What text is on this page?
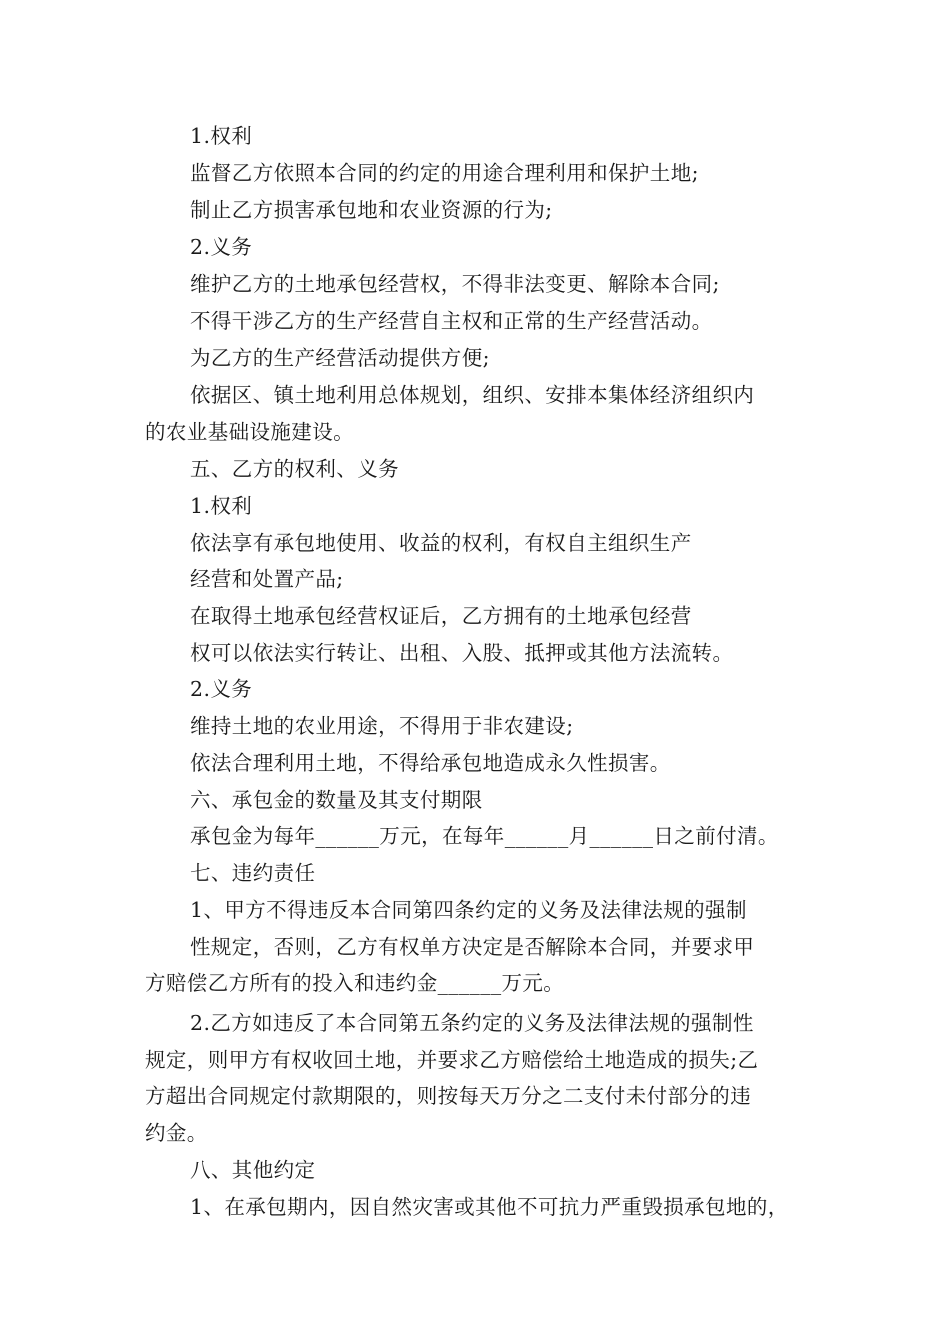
1.权利
监督乙方依照本合同的约定的用途合理利用和保护土地;
制止乙方损害承包地和农业资源的行为;
2.义务
维护乙方的土地承包经营权，不得非法变更、解除本合同;
不得干涉乙方的生产经营自主权和正常的生产经营活动。
为乙方的生产经营活动提供方便;
依据区、镇土地利用总体规划，组织、安排本集体经济组织内
的农业基础设施建设。
五、乙方的权利、义务
1.权利
依法享有承包地使用、收益的权利，有权自主组织生产
经营和处置产品;
在取得土地承包经营权证后，乙方拥有的土地承包经营
权可以依法实行转让、出租、入股、抵押或其他方法流转。
2.义务
维持土地的农业用途，不得用于非农建设;
依法合理利用土地，不得给承包地造成永久性损害。
六、承包金的数量及其支付期限
承包金为每年______万元，在每年______月______日之前付清。
七、违约责任
1、甲方不得违反本合同第四条约定的义务及法律法规的强制
性规定，否则，乙方有权单方决定是否解除本合同，并要求甲
方赔偿乙方所有的投入和违约金______万元。
2.乙方如违反了本合同第五条约定的义务及法律法规的强制性
规定，则甲方有权收回土地，并要求乙方赔偿给土地造成的损失;乙
方超出合同规定付款期限的，则按每天万分之二支付未付部分的违
约金。
八、其他约定
1、在承包期内，因自然灾害或其他不可抗力严重毁损承包地的，
